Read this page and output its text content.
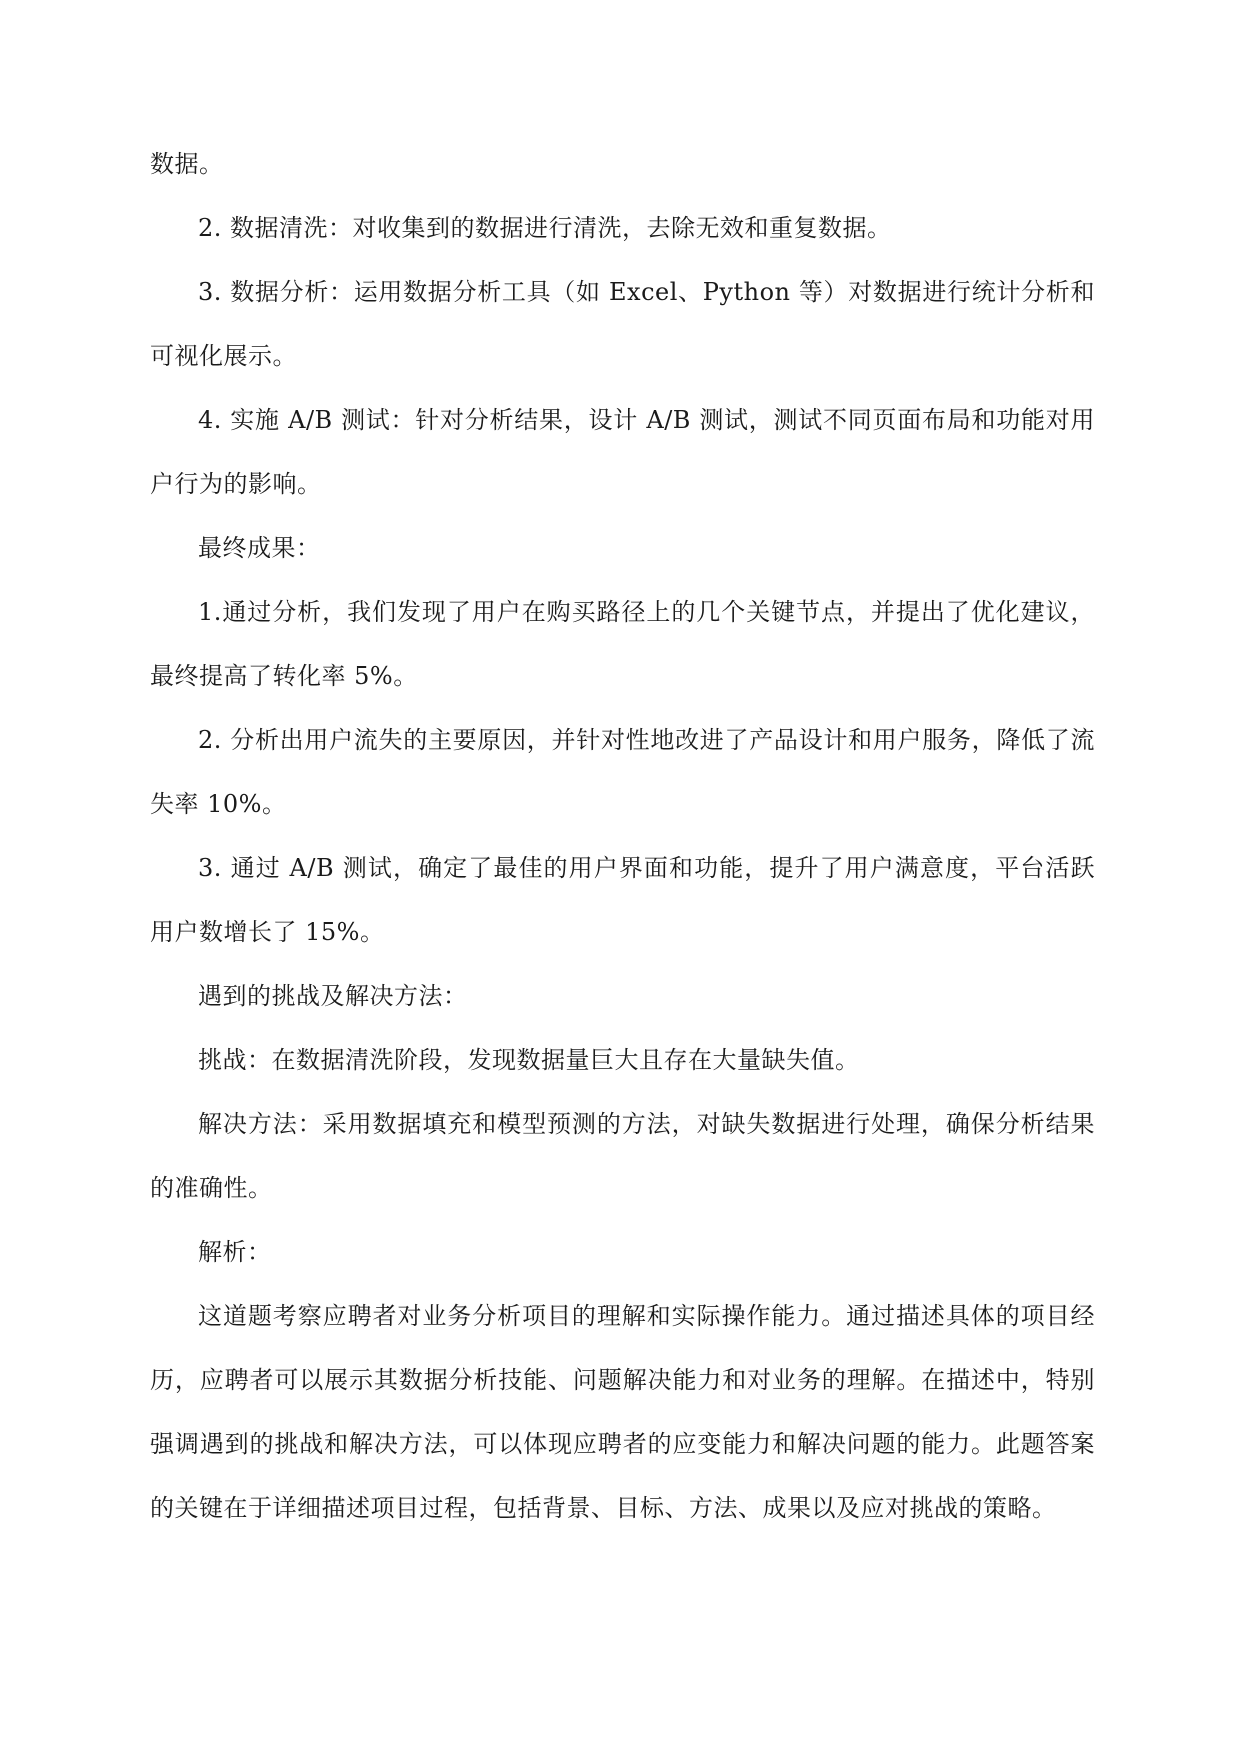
数据。

2. 数据清洗：对收集到的数据进行清洗，去除无效和重复数据。

3. 数据分析：运用数据分析工具（如 Excel、Python 等）对数据进行统计分析和可视化展示。

4. 实施 A/B 测试：针对分析结果，设计 A/B 测试，测试不同页面布局和功能对用户行为的影响。

最终成果：

1.通过分析，我们发现了用户在购买路径上的几个关键节点，并提出了优化建议，最终提高了转化率 5%。

2. 分析出用户流失的主要原因，并针对性地改进了产品设计和用户服务，降低了流失率 10%。

3. 通过 A/B 测试，确定了最佳的用户界面和功能，提升了用户满意度，平台活跃用户数增长了 15%。

遇到的挑战及解决方法：

挑战：在数据清洗阶段，发现数据量巨大且存在大量缺失值。

解决方法：采用数据填充和模型预测的方法，对缺失数据进行处理，确保分析结果的准确性。

解析：

这道题考察应聘者对业务分析项目的理解和实际操作能力。通过描述具体的项目经历，应聘者可以展示其数据分析技能、问题解决能力和对业务的理解。在描述中，特别强调遇到的挑战和解决方法，可以体现应聘者的应变能力和解决问题的能力。此题答案的关键在于详细描述项目过程，包括背景、目标、方法、成果以及应对挑战的策略。
